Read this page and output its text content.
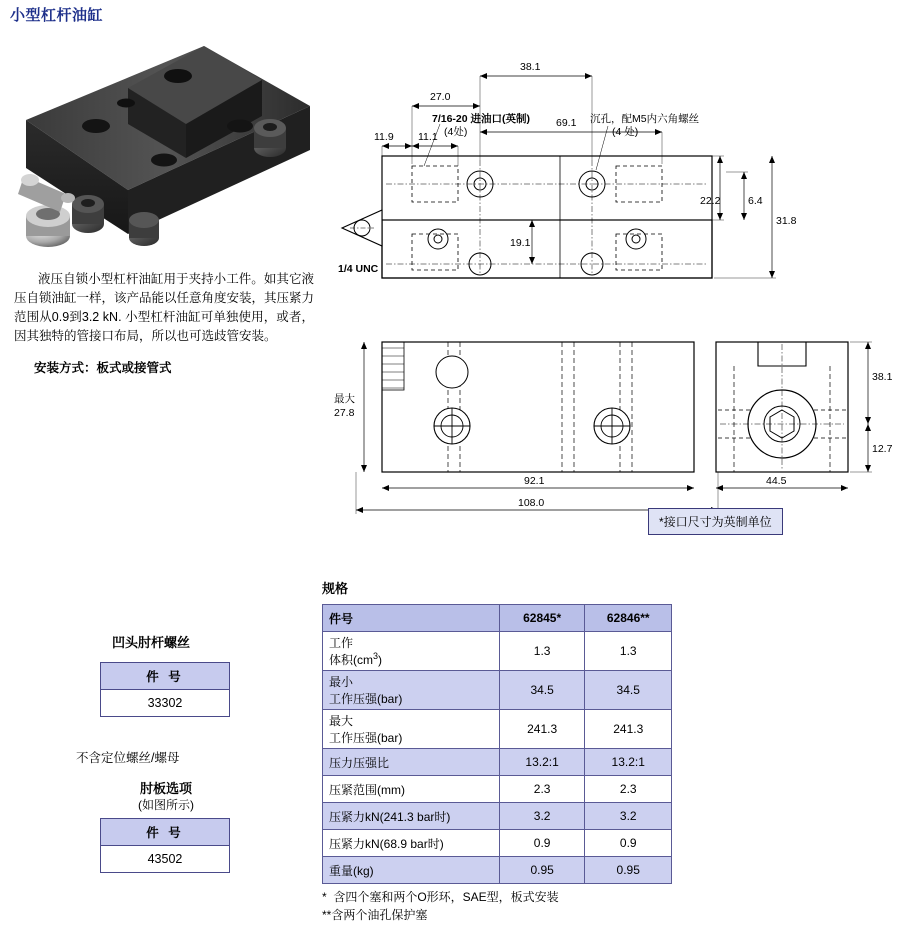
小型杠杆油缸

液压自锁小型杠杆油缸用于夹持小工件。如其它液压自锁油缸一样，该产品能以任意角度安装，其压紧力范围从0.9到3.2 kN. 小型杠杆油缸可单独使用，或者，因其独特的管接口布局，所以也可选歧管安装。

安装方式：板式或接管式
1/4 UNC
38.1
27.0
69.1
11.9 11.1
7/16-20 进油口(英制)
(4处)
沉孔，配M5内六角螺丝
(4 处)
22.2	6.4
31.8
19.1
最大
27.8
92.1
108.0
38.1
12.7
44.5
*接口尺寸为英制单位
凹头肘杆螺丝
件 号
33302
不含定位螺丝/螺母
肘板选项
(如图所示)
件 号
43502
规格
件号	62845*	62846**
工作
体积$(cm^3)$	1.3	1.3
最小
工作压强(bar)	34.5	34.5
最大
工作压强(bar)	241.3	241.3
压力压强比	13.2:1	13.2:1
压紧范围(mm)	2.3	2.3
压紧力kN(241.3 bar时)	3.2	3.2
压紧力kN(68.9 bar时)	0.9	0.9
重量(kg)	0.95	0.95
*  含四个塞和两个O形环，SAE型，板式安装
**含两个油孔保护塞
